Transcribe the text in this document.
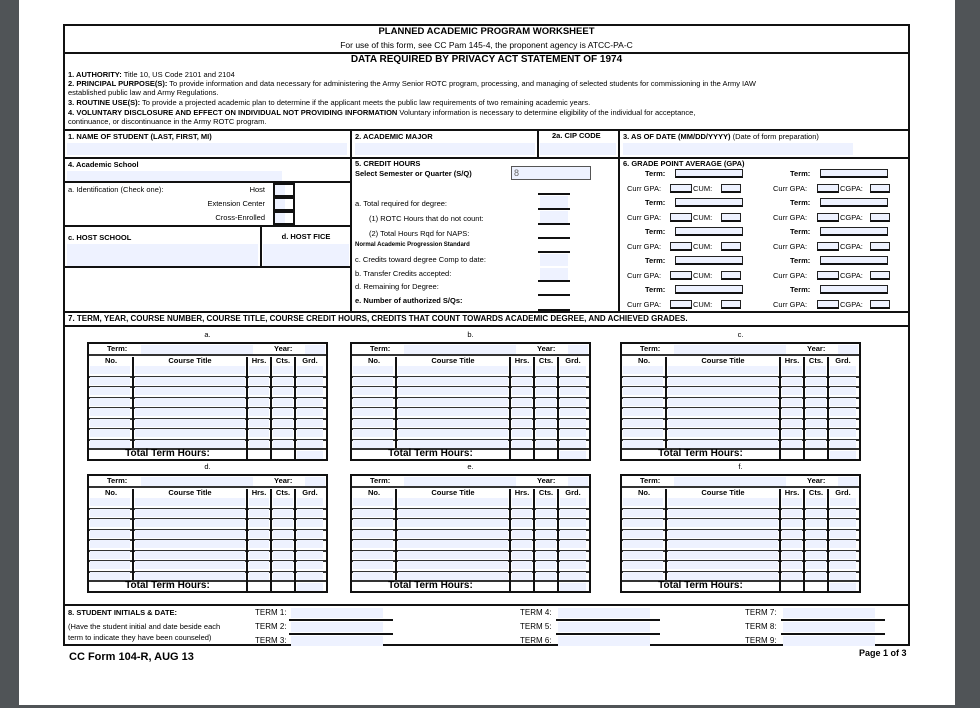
PLANNED ACADEMIC PROGRAM WORKSHEET
For use of this form, see CC Pam 145-4, the proponent agency is ATCC-PA-C
DATA REQUIRED BY PRIVACY ACT STATEMENT OF 1974
1. AUTHORITY: Title 10, US Code 2101 and 2104
2. PRINCIPAL PURPOSE(S): To provide information and data necessary for administering the Army Senior ROTC program, processing, and managing of selected students for commissioning in the Army IAW
established public law and Army Regulations.
3. ROUTINE USE(S): To provide a projected academic plan to determine if the applicant meets the public law requirements of two remaining academic years.
4. VOLUNTARY DISCLOSURE AND EFFECT ON INDIVIDUAL NOT PROVIDING INFORMATION Voluntary information is necessary to determine eligibility of the individual for acceptance,
continuance, or discontinuance in the Army ROTC program.
1. NAME OF STUDENT (LAST, FIRST, MI)	2. ACADEMIC MAJOR	2a. CIP CODE	3. AS OF DATE (MM/DD/YYYY) (Date of form preparation)
4. Academic School
a. Identification (Check one):	Host
Extension Center
Cross-Enrolled
c. HOST SCHOOL	d. HOST FICE
5. CREDIT HOURS
Select Semester or Quarter (S/Q)	8
a. Total required for degree:
(1) ROTC Hours that do not count:
(2) Total Hours Rqd for NAPS:
Normal Academic Progression Standard
c. Credits toward degree Comp to date:
b. Transfer Credits accepted:
d. Remaining for Degree:
e. Number of authorized S/Qs:
6. GRADE POINT AVERAGE (GPA)
Term:
Curr GPA:	CUM:
Term:
Curr GPA:	CGPA:
Term:
Curr GPA:	CUM:
Term:
Curr GPA:	CGPA:
Term:
Curr GPA:	CUM:
Term:
Curr GPA:	CGPA:
Term:
Curr GPA:	CUM:
Term:
Curr GPA:	CGPA:
Term:
Curr GPA:	CUM:
Term:
Curr GPA:	CGPA:
7. TERM, YEAR, COURSE NUMBER, COURSE TITLE, COURSE CREDIT HOURS, CREDITS THAT COUNT TOWARDS ACADEMIC DEGREE, AND ACHIEVED GRADES.
a.
Term:	Year:
No.	Course Title	Hrs.	Cts.	Grd.
Total Term Hours:
b.
Term:	Year:
No.	Course Title	Hrs.	Cts.	Grd.
Total Term Hours:
c.
Term:	Year:
No.	Course Title	Hrs.	Cts.	Grd.
Total Term Hours:
d.
Term:	Year:
No.	Course Title	Hrs.	Cts.	Grd.
Total Term Hours:
e.
Term:	Year:
No.	Course Title	Hrs.	Cts.	Grd.
Total Term Hours:
f.
Term:	Year:
No.	Course Title	Hrs.	Cts.	Grd.
Total Term Hours:
8. STUDENT INITIALS & DATE:
(Have the student initial and date beside each
term to indicate they have been counseled)
TERM 1:
TERM 2:
TERM 3:
TERM 4:
TERM 5:
TERM 6:
TERM 7:
TERM 8:
TERM 9:
CC Form 104-R, AUG 13	Page 1 of 3
